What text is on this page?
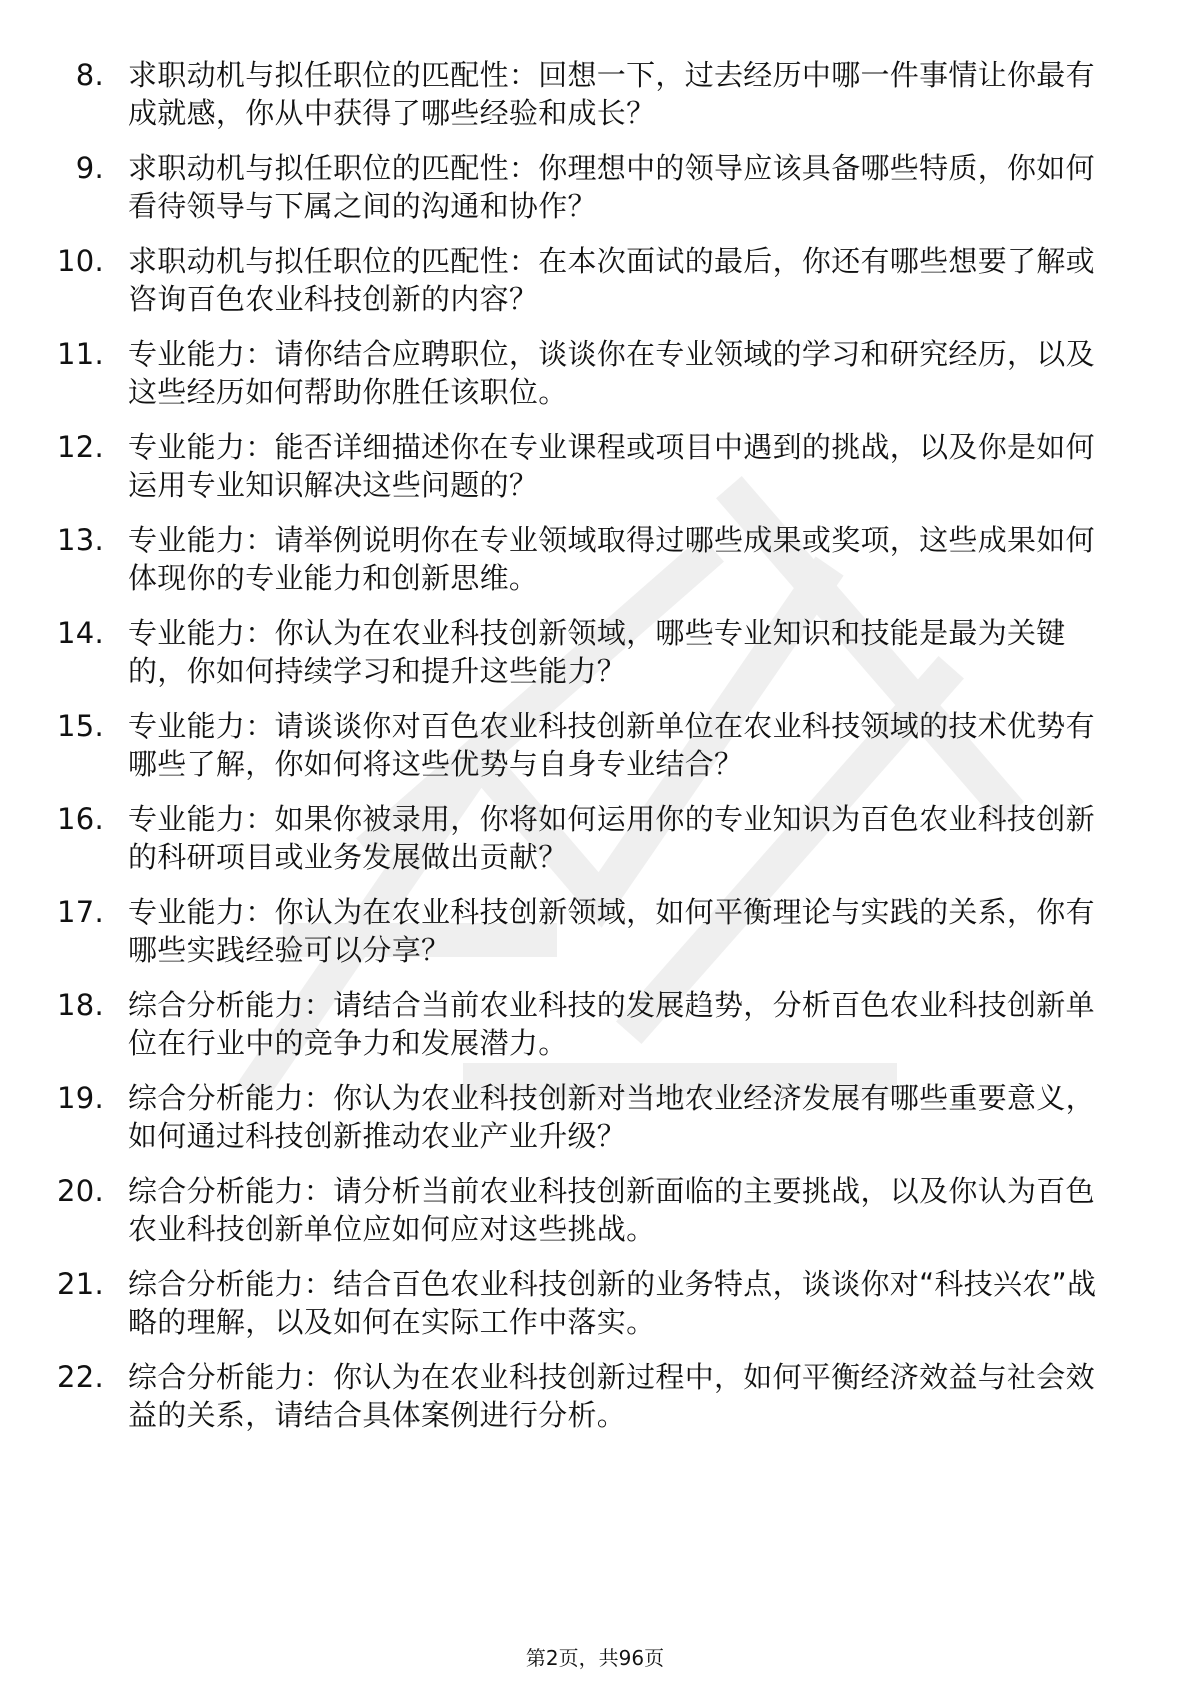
8. 求职动机与拟任职位的匹配性：回想一下，过去经历中哪一件事情让你最有成就感，你从中获得了哪些经验和成长？
9. 求职动机与拟任职位的匹配性：你理想中的领导应该具备哪些特质，你如何看待领导与下属之间的沟通和协作？
10. 求职动机与拟任职位的匹配性：在本次面试的最后，你还有哪些想要了解或咨询百色农业科技创新的内容？
11. 专业能力：请你结合应聘职位，谈谈你在专业领域的学习和研究经历，以及这些经历如何帮助你胜任该职位。
12. 专业能力：能否详细描述你在专业课程或项目中遇到的挑战，以及你是如何运用专业知识解决这些问题的？
13. 专业能力：请举例说明你在专业领域取得过哪些成果或奖项，这些成果如何体现你的专业能力和创新思维。
14. 专业能力：你认为在农业科技创新领域，哪些专业知识和技能是最为关键的，你如何持续学习和提升这些能力？
15. 专业能力：请谈谈你对百色农业科技创新单位在农业科技领域的技术优势有哪些了解，你如何将这些优势与自身专业结合？
16. 专业能力：如果你被录用，你将如何运用你的专业知识为百色农业科技创新的科研项目或业务发展做出贡献？
17. 专业能力：你认为在农业科技创新领域，如何平衡理论与实践的关系，你有哪些实践经验可以分享？
18. 综合分析能力：请结合当前农业科技的发展趋势，分析百色农业科技创新单位在行业中的竞争力和发展潜力。
19. 综合分析能力：你认为农业科技创新对当地农业经济发展有哪些重要意义，如何通过科技创新推动农业产业升级？
20. 综合分析能力：请分析当前农业科技创新面临的主要挑战，以及你认为百色农业科技创新单位应如何应对这些挑战。
21. 综合分析能力：结合百色农业科技创新的业务特点，谈谈你对“科技兴农”战略的理解，以及如何在实际工作中落实。
22. 综合分析能力：你认为在农业科技创新过程中，如何平衡经济效益与社会效益的关系，请结合具体案例进行分析。
第2页，共96页
